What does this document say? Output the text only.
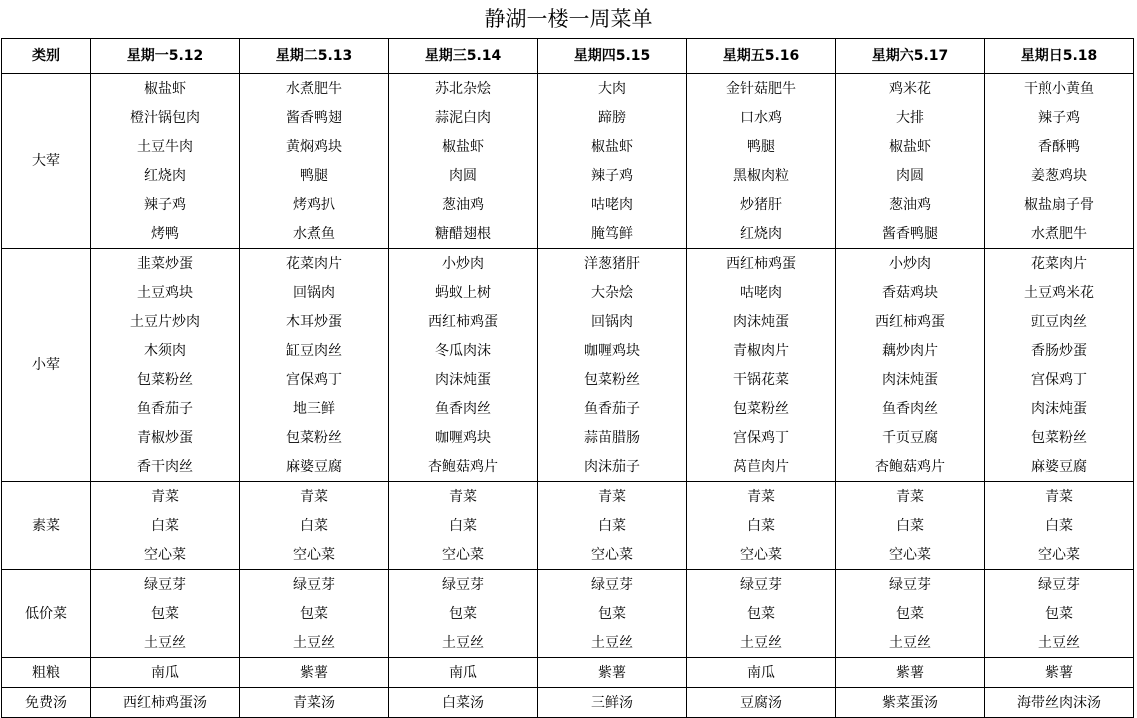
静湖一楼一周菜单
类别	星期一5.12	星期二5.13	星期三5.14	星期四5.15	星期五5.16	星期六5.17	星期日5.18
大荤	椒盐虾	水煮肥牛	苏北杂烩	大肉	金针菇肥牛	鸡米花	干煎小黄鱼
	橙汁锅包肉	酱香鸭翅	蒜泥白肉	蹄膀	口水鸡	大排	辣子鸡
	土豆牛肉	黄焖鸡块	椒盐虾	椒盐虾	鸭腿	椒盐虾	香酥鸭
	红烧肉	鸭腿	肉圆	辣子鸡	黑椒肉粒	肉圆	姜葱鸡块
	辣子鸡	烤鸡扒	葱油鸡	咕咾肉	炒猪肝	葱油鸡	椒盐扇子骨
	烤鸭	水煮鱼	糖醋翅根	腌笃鲜	红烧肉	酱香鸭腿	水煮肥牛
小荤	韭菜炒蛋	花菜肉片	小炒肉	洋葱猪肝	西红柿鸡蛋	小炒肉	花菜肉片
	土豆鸡块	回锅肉	蚂蚁上树	大杂烩	咕咾肉	香菇鸡块	土豆鸡米花
	土豆片炒肉	木耳炒蛋	西红柿鸡蛋	回锅肉	肉沫炖蛋	西红柿鸡蛋	豇豆肉丝
	木须肉	缸豆肉丝	冬瓜肉沫	咖喱鸡块	青椒肉片	藕炒肉片	香肠炒蛋
	包菜粉丝	宫保鸡丁	肉沫炖蛋	包菜粉丝	干锅花菜	肉沫炖蛋	宫保鸡丁
	鱼香茄子	地三鲜	鱼香肉丝	鱼香茄子	包菜粉丝	鱼香肉丝	肉沫炖蛋
	青椒炒蛋	包菜粉丝	咖喱鸡块	蒜苗腊肠	宫保鸡丁	千页豆腐	包菜粉丝
	香干肉丝	麻婆豆腐	杏鲍菇鸡片	肉沫茄子	莴苣肉片	杏鲍菇鸡片	麻婆豆腐
素菜	青菜	青菜	青菜	青菜	青菜	青菜	青菜
	白菜	白菜	白菜	白菜	白菜	白菜	白菜
	空心菜	空心菜	空心菜	空心菜	空心菜	空心菜	空心菜
低价菜	绿豆芽	绿豆芽	绿豆芽	绿豆芽	绿豆芽	绿豆芽	绿豆芽
	包菜	包菜	包菜	包菜	包菜	包菜	包菜
	土豆丝	土豆丝	土豆丝	土豆丝	土豆丝	土豆丝	土豆丝
粗粮	南瓜	紫薯	南瓜	紫薯	南瓜	紫薯	紫薯
免费汤	西红柿鸡蛋汤	青菜汤	白菜汤	三鲜汤	豆腐汤	紫菜蛋汤	海带丝肉沫汤
